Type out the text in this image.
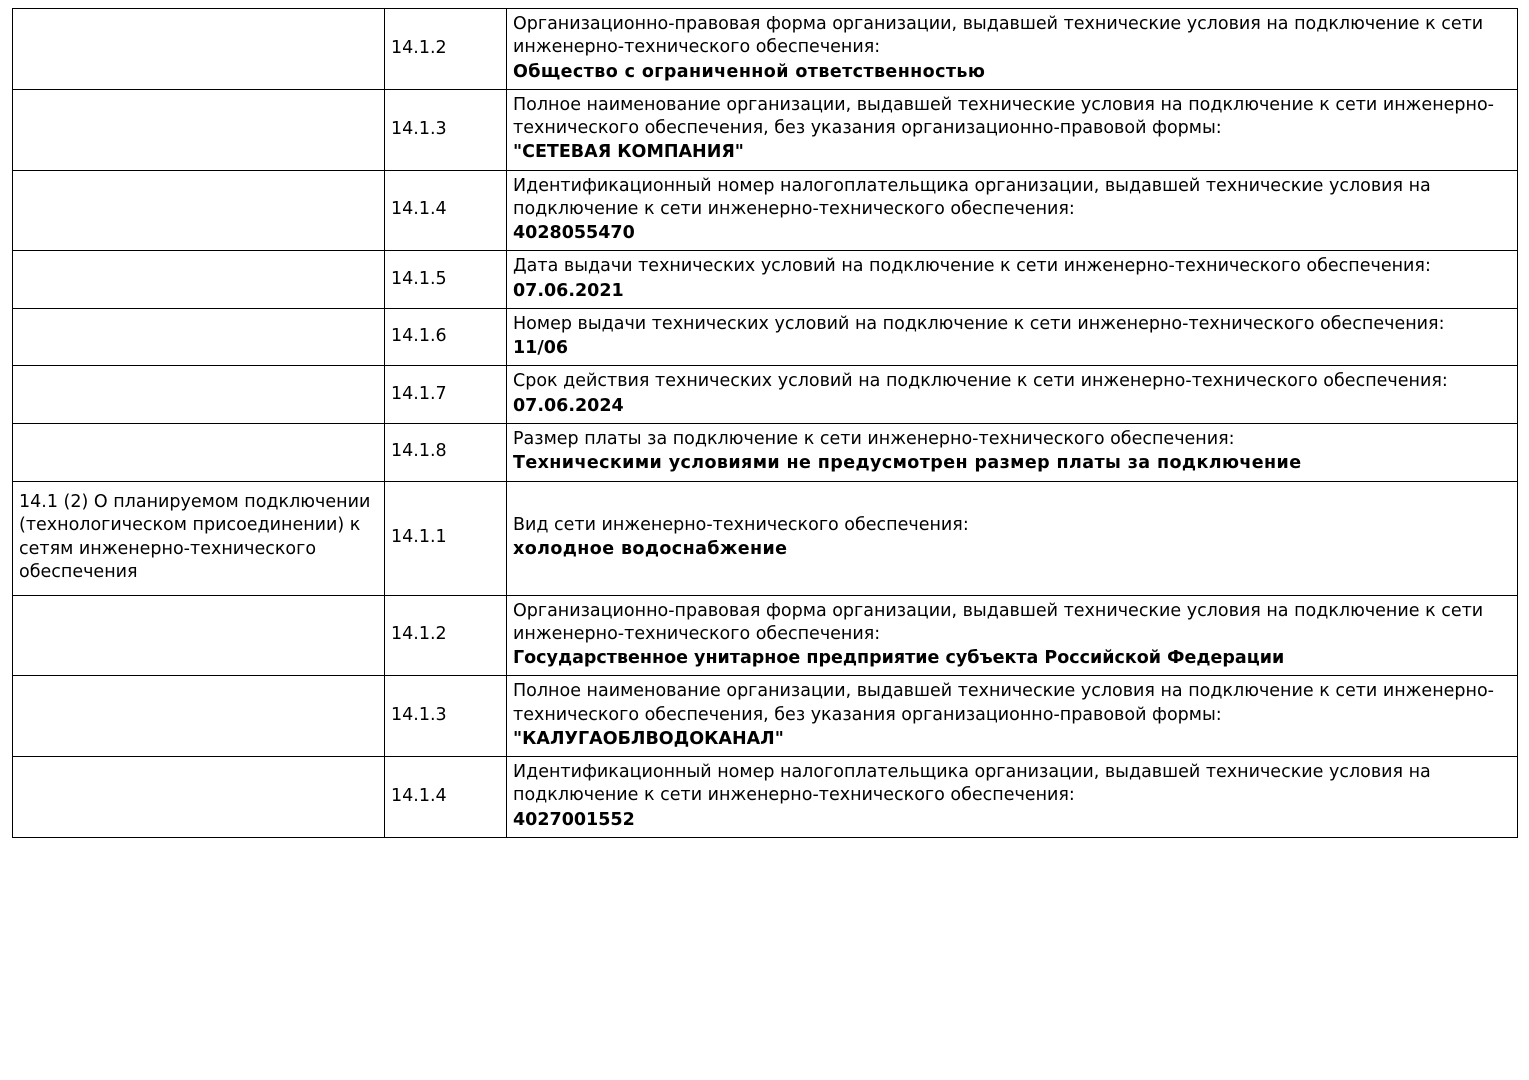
	14.1.2	Организационно-правовая форма организации, выдавшей технические условия на подключение к сети инженерно-технического обеспечения:
Общество с ограниченной ответственностью

	14.1.3	Полное наименование организации, выдавшей технические условия на подключение к сети инженерно-технического обеспечения, без указания организационно-правовой формы:
"СЕТЕВАЯ КОМПАНИЯ"

	14.1.4	Идентификационный номер налогоплательщика организации, выдавшей технические условия на подключение к сети инженерно-технического обеспечения:
4028055470

	14.1.5	Дата выдачи технических условий на подключение к сети инженерно-технического обеспечения:
07.06.2021

	14.1.6	Номер выдачи технических условий на подключение к сети инженерно-технического обеспечения:
11/06

	14.1.7	Срок действия технических условий на подключение к сети инженерно-технического обеспечения:
07.06.2024

	14.1.8	Размер платы за подключение к сети инженерно-технического обеспечения:
Техническими условиями не предусмотрен размер платы за подключение

14.1 (2) О планируемом подключении (технологическом присоединении) к сетям инженерно-технического обеспечения	14.1.1	Вид сети инженерно-технического обеспечения:
холодное водоснабжение

	14.1.2	Организационно-правовая форма организации, выдавшей технические условия на подключение к сети инженерно-технического обеспечения:
Государственное унитарное предприятие субъекта Российской Федерации

	14.1.3	Полное наименование организации, выдавшей технические условия на подключение к сети инженерно-технического обеспечения, без указания организационно-правовой формы:
"КАЛУГАОБЛВОДОКАНАЛ"

	14.1.4	Идентификационный номер налогоплательщика организации, выдавшей технические условия на подключение к сети инженерно-технического обеспечения:
4027001552
